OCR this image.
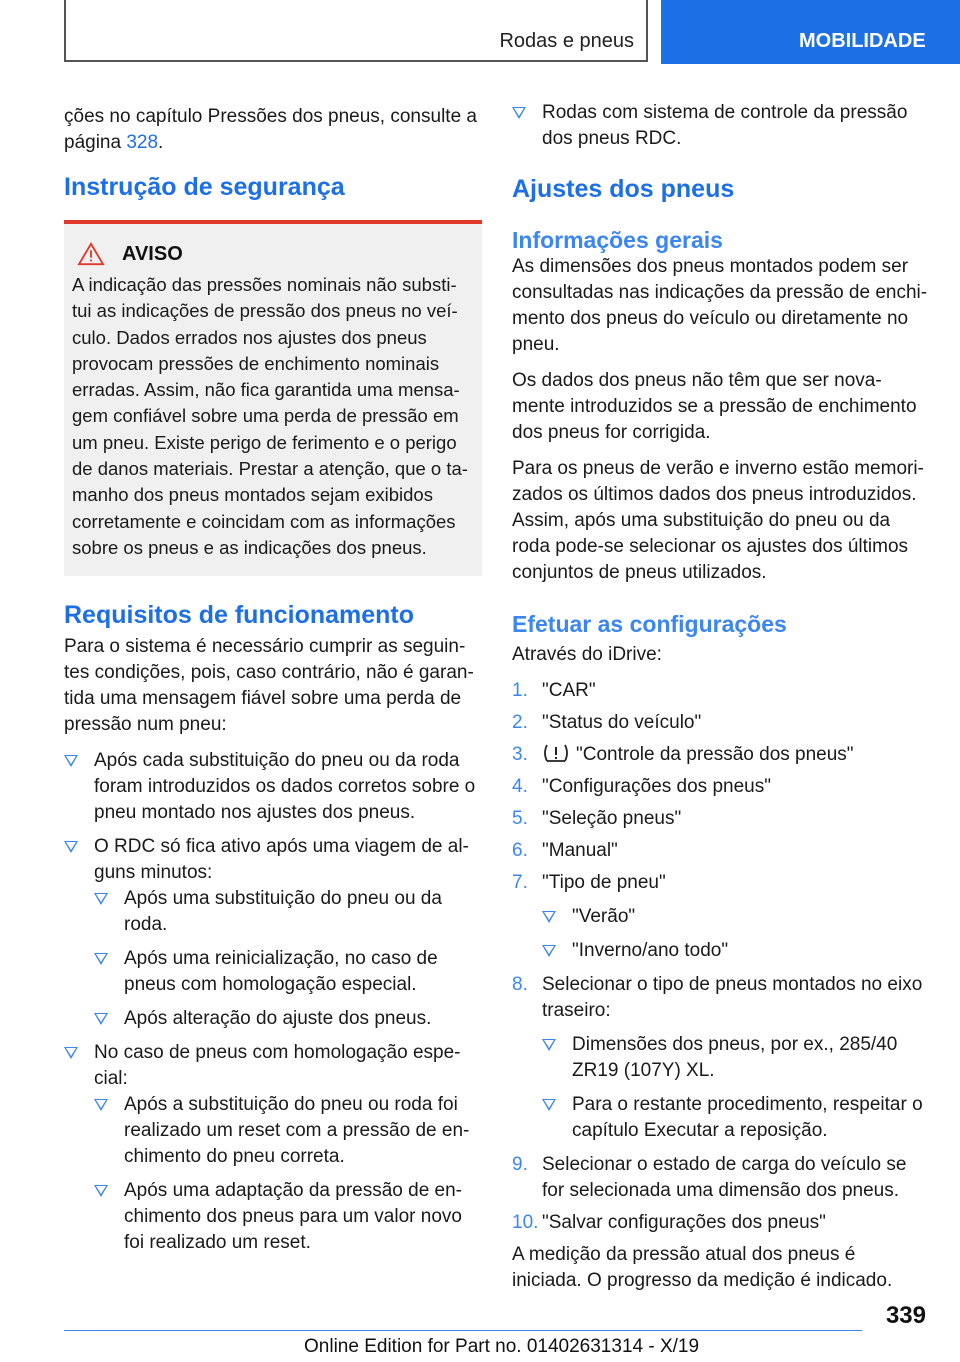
Rodas e pneus	MOBILIDADE

ções no capítulo Pressões dos pneus, consulte a página 328.

Instrução de segurança
AVISO

A indicação das pressões nominais não substi-tui as indicações de pressão dos pneus no veí-culo. Dados errados nos ajustes dos pneus provocam pressões de enchimento nominais erradas. Assim, não fica garantida uma mensa-gem confiável sobre uma perda de pressão em um pneu. Existe perigo de ferimento e o perigo de danos materiais. Prestar a atenção, que o ta-manho dos pneus montados sejam exibidos corretamente e coincidam com as informações sobre os pneus e as indicações dos pneus.

Requisitos de funcionamento

Para o sistema é necessário cumprir as seguin-tes condições, pois, caso contrário, não é garan-tida uma mensagem fiável sobre uma perda de pressão num pneu:

Após cada substituição do pneu ou da roda foram introduzidos os dados corretos sobre o pneu montado nos ajustes dos pneus.
O RDC só fica ativo após uma viagem de al-guns minutos:
Após uma substituição do pneu ou da roda.
Após uma reinicialização, no caso de pneus com homologação especial.
Após alteração do ajuste dos pneus.
No caso de pneus com homologação espe-cial:
Após a substituição do pneu ou roda foi realizado um reset com a pressão de en-chimento do pneu correta.
Após uma adaptação da pressão de en-chimento dos pneus para um valor novo foi realizado um reset.
Rodas com sistema de controle da pressão dos pneus RDC.
Ajustes dos pneus
Informações gerais

As dimensões dos pneus montados podem ser consultadas nas indicações da pressão de enchi-mento dos pneus do veículo ou diretamente no pneu.

Os dados dos pneus não têm que ser nova-mente introduzidos se a pressão de enchimento dos pneus for corrigida.

Para os pneus de verão e inverno estão memori-zados os últimos dados dos pneus introduzidos. Assim, após uma substituição do pneu ou da roda pode-se selecionar os ajustes dos últimos conjuntos de pneus utilizados.

Efetuar as configurações

Através do iDrive:

1. "CAR"
2. "Status do veículo"
3.	"Controle da pressão dos pneus"
4. "Configurações dos pneus"
5. "Seleção pneus"
6. "Manual"
7. "Tipo de pneu"
"Verão"
"Inverno/ano todo"
8. Selecionar o tipo de pneus montados no eixo traseiro:
Dimensões dos pneus, por ex., 285/40 ZR19 (107Y) XL.
Para o restante procedimento, respeitar o capítulo Executar a reposição.
9. Selecionar o estado de carga do veículo se for selecionada uma dimensão dos pneus.
10. "Salvar configurações dos pneus"

A medição da pressão atual dos pneus é iniciada. O progresso da medição é indicado.

339
Online Edition for Part no. 01402631314 - X/19
